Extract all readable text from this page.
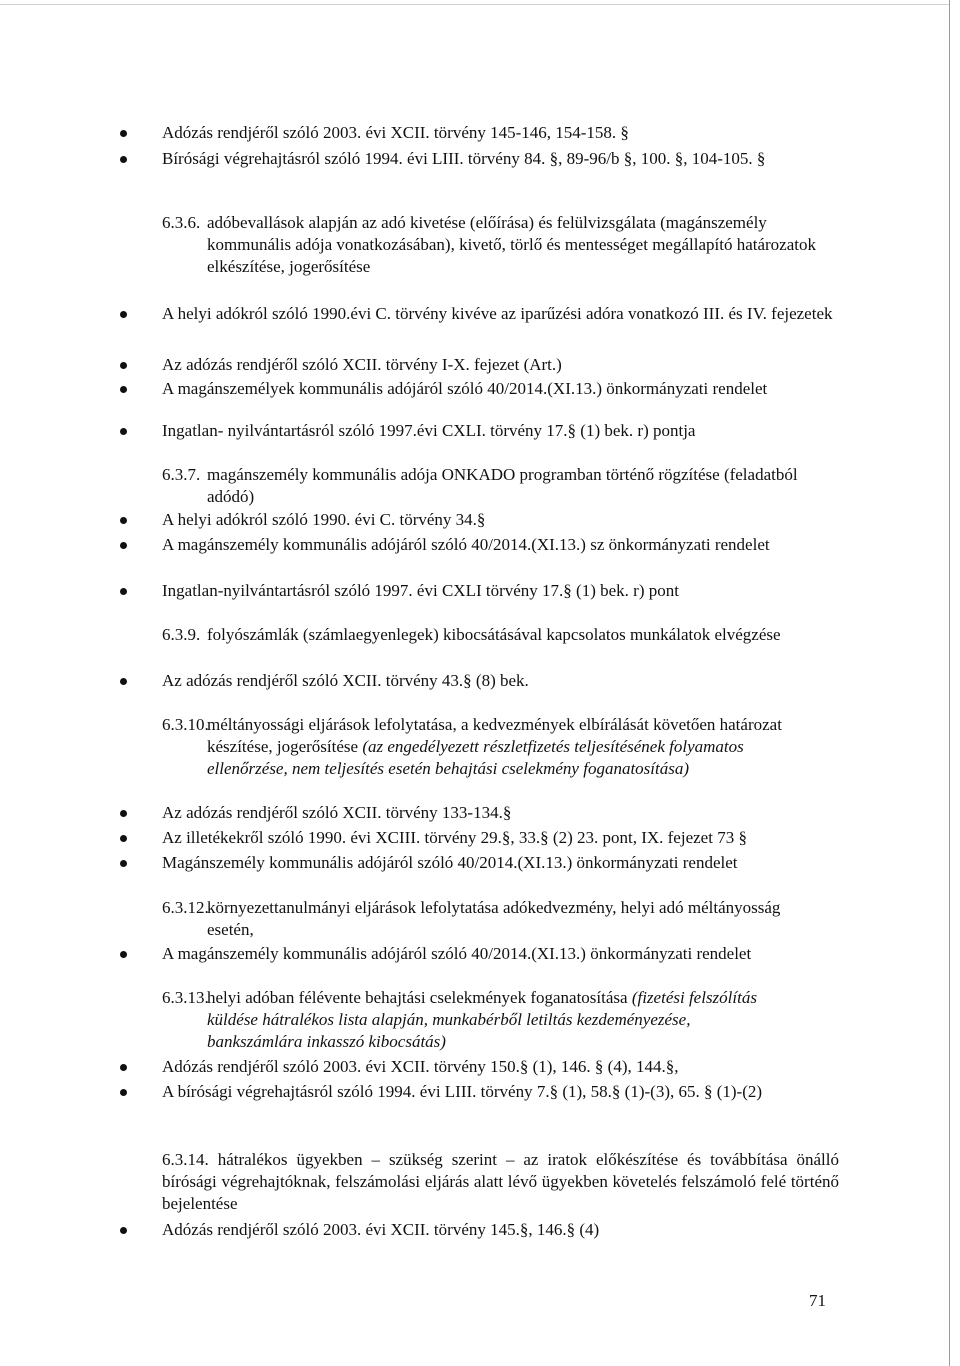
Adózás rendjéről szóló 2003. évi XCII. törvény 145-146, 154-158. §
Bírósági végrehajtásról szóló 1994. évi LIII. törvény 84. §, 89-96/b §, 100. §, 104-105. §
6.3.6. adóbevallások alapján az adó kivetése (előírása) és felülvizsgálata (magánszemély kommunális adója vonatkozásában), kivető, törlő és mentességet megállapító határozatok elkészítése, jogerősítése
A helyi adókról szóló 1990.évi C. törvény kivéve az iparűzési adóra vonatkozó III. és IV. fejezetek
Az adózás rendjéről szóló XCII. törvény I-X. fejezet (Art.)
A magánszemélyek kommunális adójáról szóló 40/2014.(XI.13.) önkormányzati rendelet
Ingatlan- nyilvántartásról szóló 1997.évi CXLI. törvény 17.§ (1) bek. r) pontja
6.3.7. magánszemély kommunális adója ONKADO programban történő rögzítése (feladatból adódó)
A helyi adókról szóló 1990. évi C. törvény 34.§
A magánszemély kommunális adójáról szóló 40/2014.(XI.13.) sz önkormányzati rendelet
Ingatlan-nyilvántartásról szóló 1997. évi CXLI törvény 17.§ (1) bek. r) pont
6.3.9. folyószámlák (számlaegyenlegek) kibocsátásával kapcsolatos munkálatok elvégzése
Az adózás rendjéről szóló XCII. törvény 43.§ (8) bek.
6.3.10.
méltányossági eljárások lefolytatása, a kedvezmények elbírálását követően határozat készítése, jogerősítése (az engedélyezett részletfizetés teljesítésének folyamatos ellenőrzése, nem teljesítés esetén behajtási cselekmény foganatosítása)
Az adózás rendjéről szóló XCII. törvény 133-134.§
Az illetékekről szóló 1990. évi XCIII. törvény 29.§, 33.§ (2) 23. pont, IX. fejezet 73 §
Magánszemély kommunális adójáról szóló 40/2014.(XI.13.) önkormányzati rendelet
6.3.12.
környezettanulmányi eljárások lefolytatása adókedvezmény, helyi adó méltányosság esetén,
A magánszemély kommunális adójáról szóló 40/2014.(XI.13.) önkormányzati rendelet
6.3.13.
helyi adóban félévente behajtási cselekmények foganatosítása (fizetési felszólítás küldése hátralékos lista alapján, munkabérből letiltás kezdeményezése, bankszámlára inkasszó kibocsátás)
Adózás rendjéről szóló 2003. évi XCII. törvény 150.§ (1), 146. § (4), 144.§,
A bírósági végrehajtásról szóló 1994. évi LIII. törvény 7.§ (1), 58.§ (1)-(3), 65. § (1)-(2)
6.3.14. hátralékos ügyekben – szükség szerint – az iratok előkészítése és továbbítása önálló bírósági végrehajtóknak, felszámolási eljárás alatt lévő ügyekben követelés felszámoló felé történő bejelentése
Adózás rendjéről szóló 2003. évi XCII. törvény 145.§, 146.§ (4)
71
